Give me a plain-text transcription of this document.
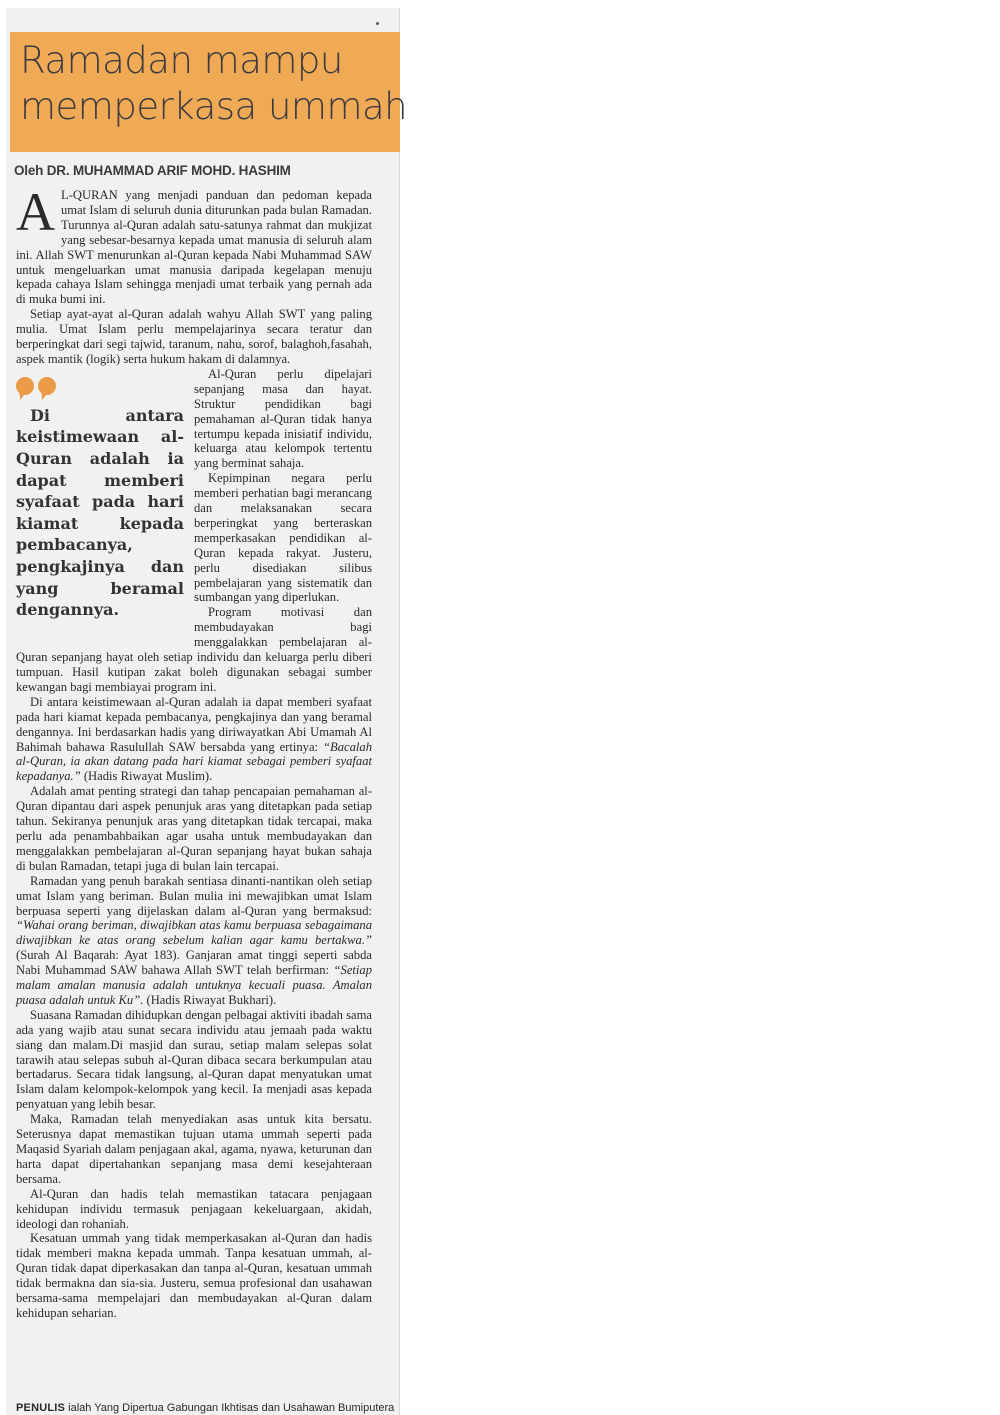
Ramadan mampu
memperkasa ummah

Oleh DR. MUHAMMAD ARIF MOHD. HASHIM

A L-QURAN yang menjadi panduan dan pedoman kepada umat Islam di seluruh dunia diturunkan pada bulan Ramadan. Turunnya al-Quran adalah satu-satunya rahmat dan mukjizat yang sebesar-besarnya kepada umat manusia di seluruh alam ini. Allah SWT menurunkan al-Quran kepada Nabi Muhammad SAW untuk mengeluarkan umat manusia daripada kegelapan menuju kepada cahaya Islam sehingga menjadi umat terbaik yang pernah ada di muka bumi ini.

Setiap ayat-ayat al-Quran adalah wahyu Allah SWT yang paling mulia. Umat Islam perlu mempelajarinya secara teratur dan berperingkat dari segi tajwid, taranum, nahu, sorof, balaghoh,fasahah, aspek mantik (logik) serta hukum hakam di dalamnya.

Di antara keistimewaan al-Quran adalah ia dapat memberi syafaat pada hari kiamat kepada pembacanya, pengkajinya dan yang beramal dengannya.

Al-Quran perlu dipelajari sepanjang masa dan hayat. Struktur pendidikan bagi pemahaman al-Quran tidak hanya tertumpu kepada inisiatif individu, keluarga atau kelompok tertentu yang berminat sahaja.

Kepimpinan negara perlu memberi perhatian bagi merancang dan melaksanakan secara berperingkat yang berteraskan memperkasakan pendidikan al-Quran kepada rakyat. Justeru, perlu disediakan silibus pembelajaran yang sistematik dan sumbangan yang diperlukan.

Program motivasi dan membudayakan bagi menggalakkan pembelajaran al-Quran sepanjang hayat oleh setiap individu dan keluarga perlu diberi tumpuan. Hasil kutipan zakat boleh digunakan sebagai sumber kewangan bagi membiayai program ini.

Di antara keistimewaan al-Quran adalah ia dapat memberi syafaat pada hari kiamat kepada pembacanya, pengkajinya dan yang beramal dengannya. Ini berdasarkan hadis yang diriwayatkan Abi Umamah Al Bahimah bahawa Rasulullah SAW bersabda yang ertinya: “Bacalah al-Quran, ia akan datang pada hari kiamat sebagai pemberi syafaat kepadanya.” (Hadis Riwayat Muslim).

Adalah amat penting strategi dan tahap pencapaian pemahaman al-Quran dipantau dari aspek penunjuk aras yang ditetapkan pada setiap tahun. Sekiranya penunjuk aras yang ditetapkan tidak tercapai, maka perlu ada penambahbaikan agar usaha untuk membudayakan dan menggalakkan pembelajaran al-Quran sepanjang hayat bukan sahaja di bulan Ramadan, tetapi juga di bulan lain tercapai.

Ramadan yang penuh barakah sentiasa dinanti-nantikan oleh setiap umat Islam yang beriman. Bulan mulia ini mewajibkan umat Islam berpuasa seperti yang dijelaskan dalam al-Quran yang bermaksud: “Wahai orang beriman, diwajibkan atas kamu berpuasa sebagaimana diwajibkan ke atas orang sebelum kalian agar kamu bertakwa.” (Surah Al Baqarah: Ayat 183). Ganjaran amat tinggi seperti sabda Nabi Muhammad SAW bahawa Allah SWT telah berfirman: “Setiap malam amalan manusia adalah untuknya kecuali puasa. Amalan puasa adalah untuk Ku”. (Hadis Riwayat Bukhari).

Suasana Ramadan dihidupkan dengan pelbagai aktiviti ibadah sama ada yang wajib atau sunat secara individu atau jemaah pada waktu siang dan malam.Di masjid dan surau, setiap malam selepas solat tarawih atau selepas subuh al-Quran dibaca secara berkumpulan atau bertadarus. Secara tidak langsung, al-Quran dapat menyatukan umat Islam dalam kelompok-kelompok yang kecil. Ia menjadi asas kepada penyatuan yang lebih besar.

Maka, Ramadan telah menyediakan asas untuk kita bersatu. Seterusnya dapat memastikan tujuan utama ummah seperti pada Maqasid Syariah dalam penjagaan akal, agama, nyawa, keturunan dan harta dapat dipertahankan sepanjang masa demi kesejahteraan bersama.

Al-Quran dan hadis telah memastikan tatacara penjagaan kehidupan individu termasuk penjagaan kekeluargaan, akidah, ideologi dan rohaniah.

Kesatuan ummah yang tidak memperkasakan al-Quran dan hadis tidak memberi makna kepada ummah. Tanpa kesatuan ummah, al-Quran tidak dapat diperkasakan dan tanpa al-Quran, kesatuan ummah tidak bermakna dan sia-sia. Justeru, semua profesional dan usahawan bersama-sama mempelajari dan membudayakan al-Quran dalam kehidupan seharian.

PENULIS ialah Yang Dipertua Gabungan Ikhtisas dan Usahawan Bumiputera
